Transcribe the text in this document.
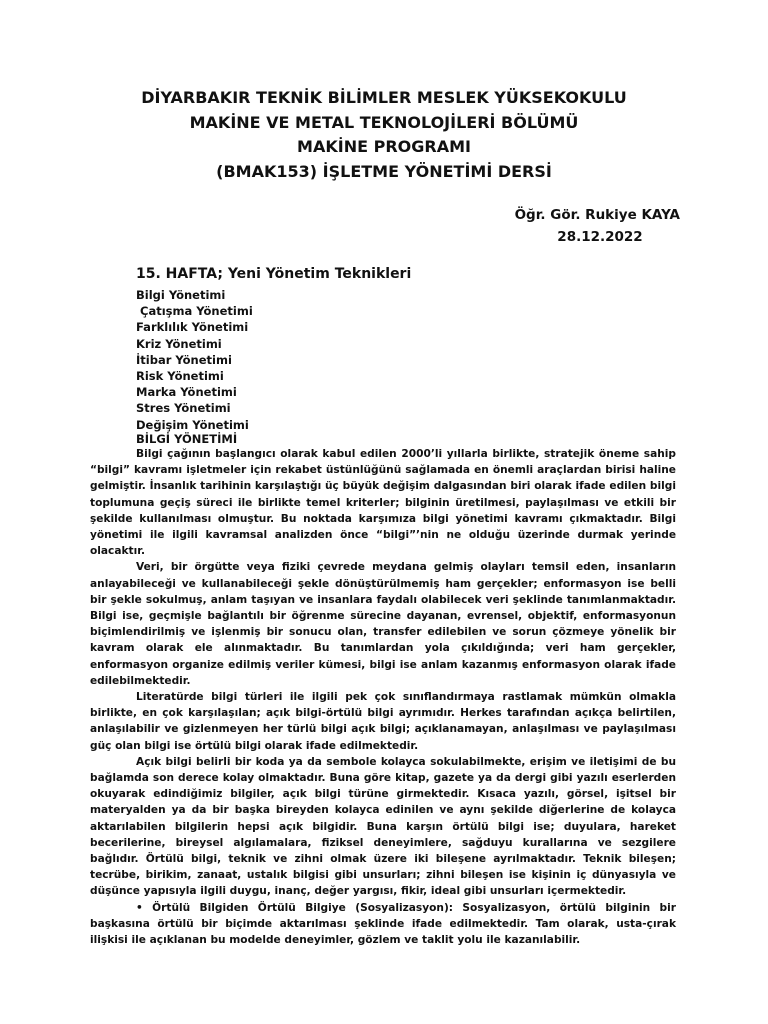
DİYARBAKIR TEKNİK BİLİMLER MESLEK YÜKSEKOKULU
MAKİNE VE METAL TEKNOLOJİLERİ BÖLÜMÜ
MAKİNE PROGRAMI
(BMAK153) İŞLETME YÖNETİMİ DERSİ
Öğr. Gör. Rukiye KAYA
28.12.2022
15. HAFTA; Yeni Yönetim Teknikleri
Bilgi Yönetimi
Çatışma Yönetimi
Farklılık Yönetimi
Kriz Yönetimi
İtibar Yönetimi
Risk Yönetimi
Marka Yönetimi
Stres Yönetimi
Değişim Yönetimi
BİLGİ YÖNETİMİ

Bilgi çağının başlangıcı olarak kabul edilen 2000’li yıllarla birlikte, stratejik öneme sahip “bilgi” kavramı işletmeler için rekabet üstünlüğünü sağlamada en önemli araçlardan birisi haline gelmiştir. İnsanlık tarihinin karşılaştığı üç büyük değişim dalgasından biri olarak ifade edilen bilgi toplumuna geçiş süreci ile birlikte temel kriterler; bilginin üretilmesi, paylaşılması ve etkili bir şekilde kullanılması olmuştur. Bu noktada karşımıza bilgi yönetimi kavramı çıkmaktadır. Bilgi yönetimi ile ilgili kavramsal analizden önce “bilgi”’nin ne olduğu üzerinde durmak yerinde olacaktır.

Veri, bir örgütte veya fiziki çevrede meydana gelmiş olayları temsil eden, insanların anlayabileceği ve kullanabileceği şekle dönüştürülmemiş ham gerçekler; enformasyon ise belli bir şekle sokulmuş, anlam taşıyan ve insanlara faydalı olabilecek veri şeklinde tanımlanmaktadır. Bilgi ise, geçmişle bağlantılı bir öğrenme sürecine dayanan, evrensel, objektif, enformasyonun biçimlendirilmiş ve işlenmiş bir sonucu olan, transfer edilebilen ve sorun çözmeye yönelik bir kavram olarak ele alınmaktadır. Bu tanımlardan yola çıkıldığında; veri ham gerçekler, enformasyon organize edilmiş veriler kümesi, bilgi ise anlam kazanmış enformasyon olarak ifade edilebilmektedir.

Literatürde bilgi türleri ile ilgili pek çok sınıflandırmaya rastlamak mümkün olmakla birlikte, en çok karşılaşılan; açık bilgi-örtülü bilgi ayrımıdır. Herkes tarafından açıkça belirtilen, anlaşılabilir ve gizlenmeyen her türlü bilgi açık bilgi; açıklanamayan, anlaşılması ve paylaşılması güç olan bilgi ise örtülü bilgi olarak ifade edilmektedir.

Açık bilgi belirli bir koda ya da sembole kolayca sokulabilmekte, erişim ve iletişimi de bu bağlamda son derece kolay olmaktadır. Buna göre kitap, gazete ya da dergi gibi yazılı eserlerden okuyarak edindiğimiz bilgiler, açık bilgi türüne girmektedir. Kısaca yazılı, görsel, işitsel bir materyalden ya da bir başka bireyden kolayca edinilen ve aynı şekilde diğerlerine de kolayca aktarılabilen bilgilerin hepsi açık bilgidir. Buna karşın örtülü bilgi ise; duyulara, hareket becerilerine, bireysel algılamalara, fiziksel deneyimlere, sağduyu kurallarına ve sezgilere bağlıdır. Örtülü bilgi, teknik ve zihni olmak üzere iki bileşene ayrılmaktadır. Teknik bileşen; tecrübe, birikim, zanaat, ustalık bilgisi gibi unsurları; zihni bileşen ise kişinin iç dünyasıyla ve düşünce yapısıyla ilgili duygu, inanç, değer yargısı, fikir, ideal gibi unsurları içermektedir.

• Örtülü Bilgiden Örtülü Bilgiye (Sosyalizasyon): Sosyalizasyon, örtülü bilginin bir başkasına örtülü bir biçimde aktarılması şeklinde ifade edilmektedir. Tam olarak, usta-çırak ilişkisi ile açıklanan bu modelde deneyimler, gözlem ve taklit yolu ile kazanılabilir.
